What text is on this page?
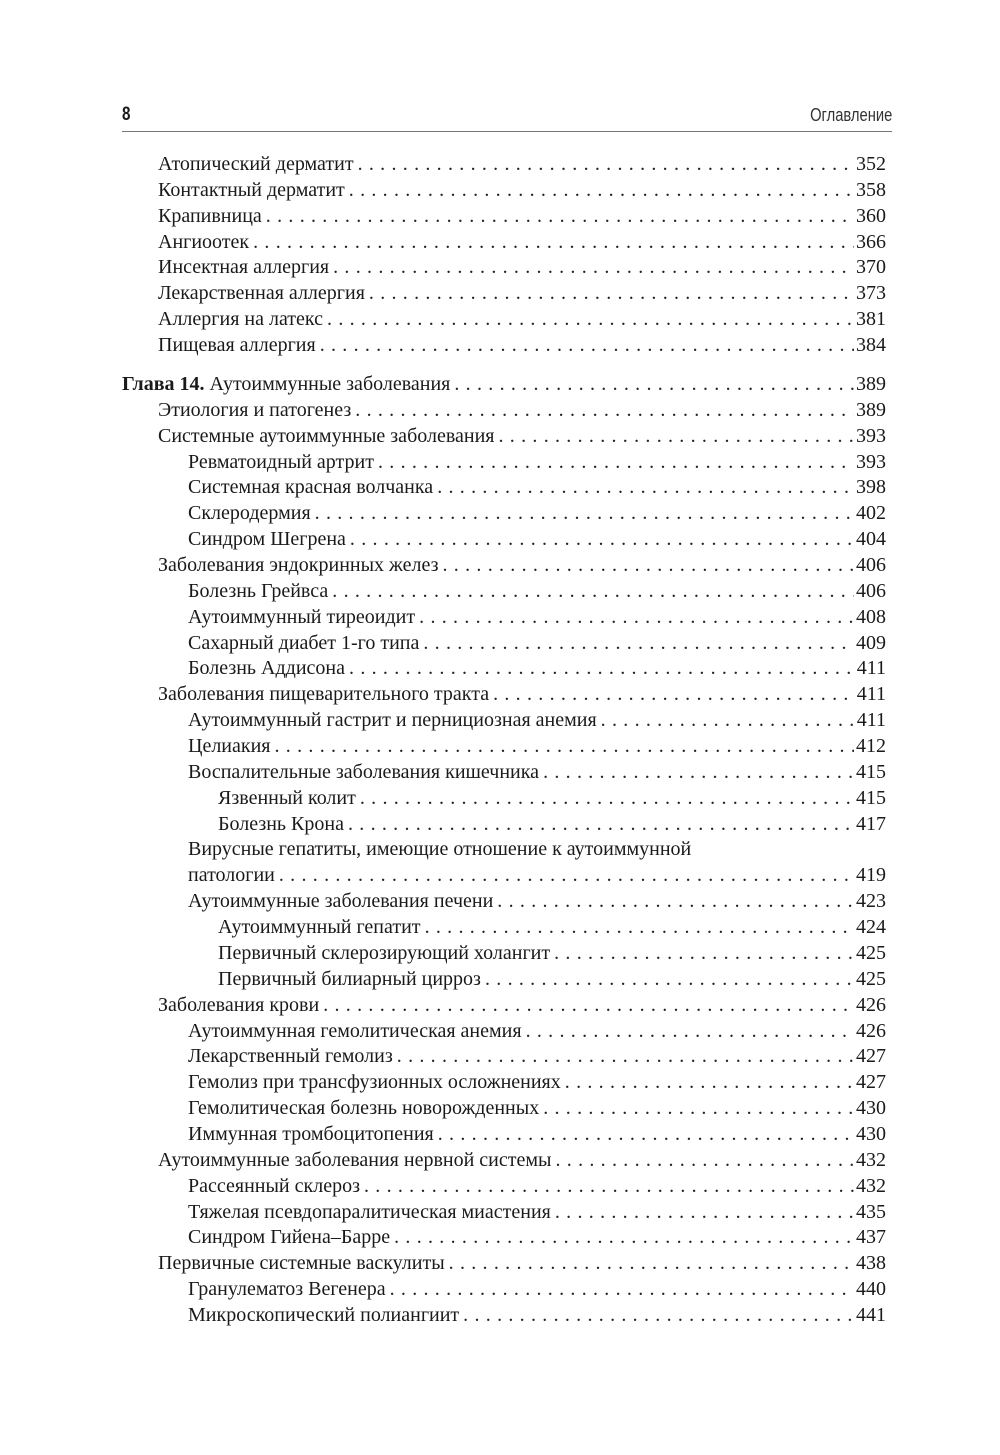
8	Оглавление
Атопический дерматит .....	352
Контактный дерматит .....	358
Крапивница .....	360
Ангиоотек .....	366
Инсектная аллергия .....	370
Лекарственная аллергия .....	373
Аллергия на латекс .....	381
Пищевая аллергия .....	384
Глава 14. Аутоиммунные заболевания .....	389
Этиология и патогенез .....	389
Системные аутоиммунные заболевания .....	393
Ревматоидный артрит .....	393
Системная красная волчанка .....	398
Склеродермия .....	402
Синдром Шегрена .....	404
Заболевания эндокринных желез .....	406
Болезнь Грейвса .....	406
Аутоиммунный тиреоидит .....	408
Сахарный диабет 1-го типа .....	409
Болезнь Аддисона .....	411
Заболевания пищеварительного тракта .....	411
Аутоиммунный гастрит и пернициозная анемия .....	411
Целиакия .....	412
Воспалительные заболевания кишечника .....	415
Язвенный колит .....	415
Болезнь Крона .....	417
Вирусные гепатиты, имеющие отношение к аутоиммунной
патологии .....	419
Аутоиммунные заболевания печени .....	423
Аутоиммунный гепатит .....	424
Первичный склерозирующий холангит .....	425
Первичный билиарный цирроз .....	425
Заболевания крови .....	426
Аутоиммунная гемолитическая анемия .....	426
Лекарственный гемолиз .....	427
Гемолиз при трансфузионных осложнениях .....	427
Гемолитическая болезнь новорожденных .....	430
Иммунная тромбоцитопения .....	430
Аутоиммунные заболевания нервной системы .....	432
Рассеянный склероз .....	432
Тяжелая псевдопаралитическая миастения .....	435
Синдром Гийена–Барре .....	437
Первичные системные васкулиты .....	438
Гранулематоз Вегенера .....	440
Микроскопический полиангиит .....	441
